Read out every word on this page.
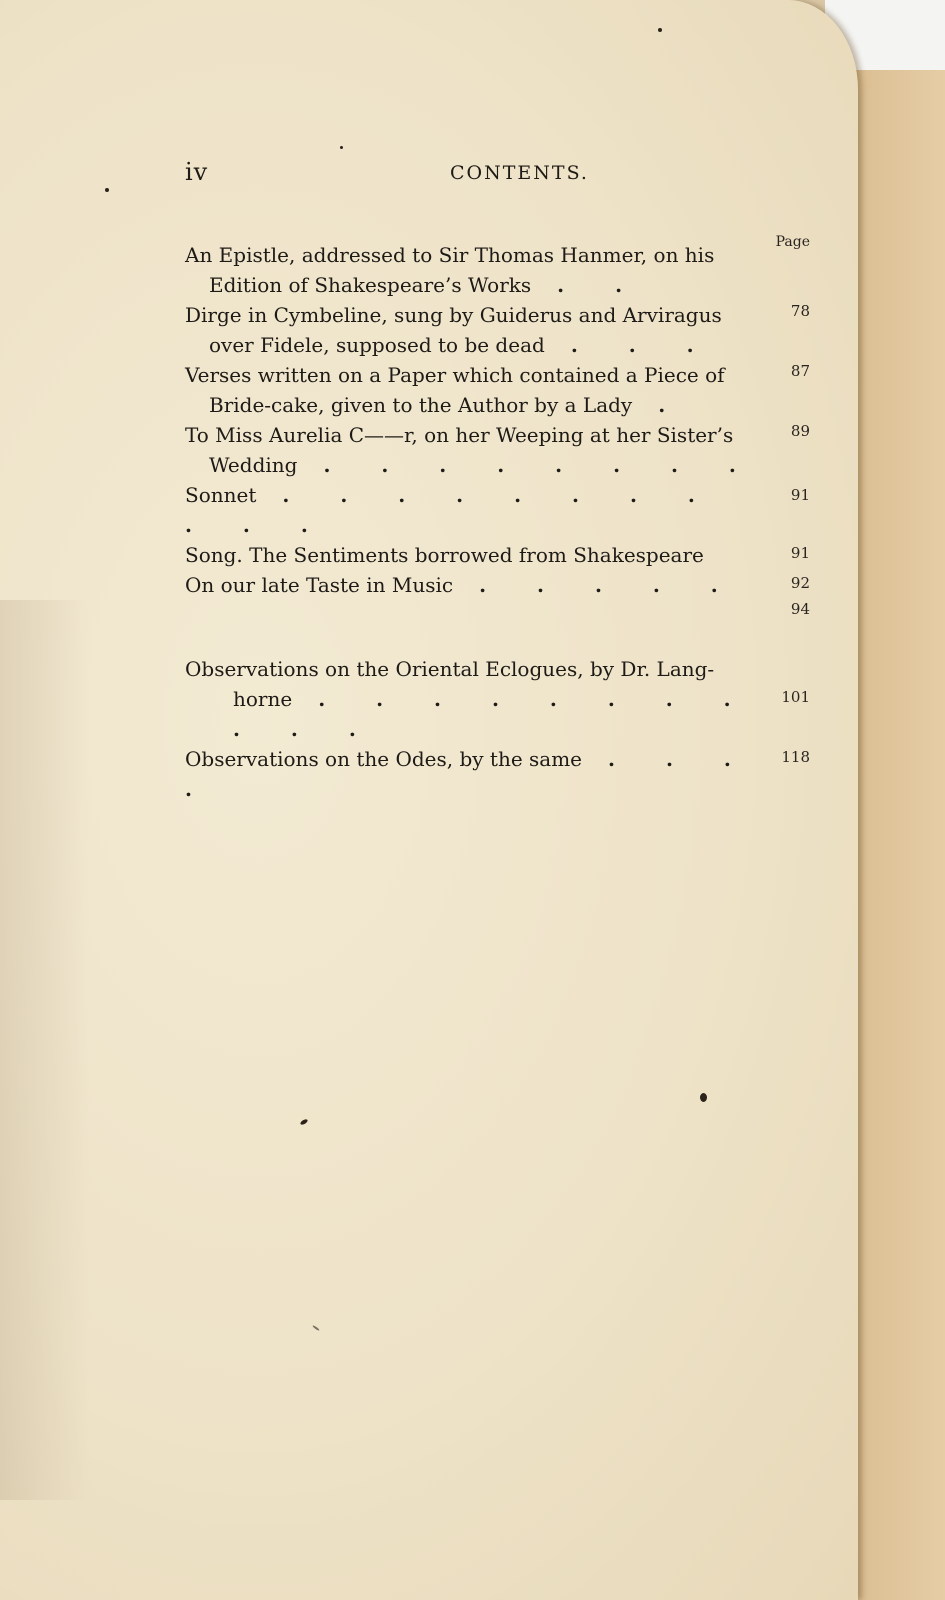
iv	CONTENTS.
Page
An Epistle, addressed to Sir Thomas Hanmer, on his
Edition of Shakespeare’s Works . .
78
Dirge in Cymbeline, sung by Guiderus and Arviragus
over Fidele, supposed to be dead . . .
87
Verses written on a Paper which contained a Piece of
Bride-cake, given to the Author by a Lady .
89
To Miss Aurelia C——r, on her Weeping at her Sister’s
Wedding . . . . . . . .
91
Sonnet . . . . . . . . . . .
91
Song. The Sentiments borrowed from Shakespeare
92
On our late Taste in Music . . . . .
94
101
Observations on the Oriental Eclogues, by Dr. Lang-
horne . . . . . . . . . . .
118
Observations on the Odes, by the same . . . .
